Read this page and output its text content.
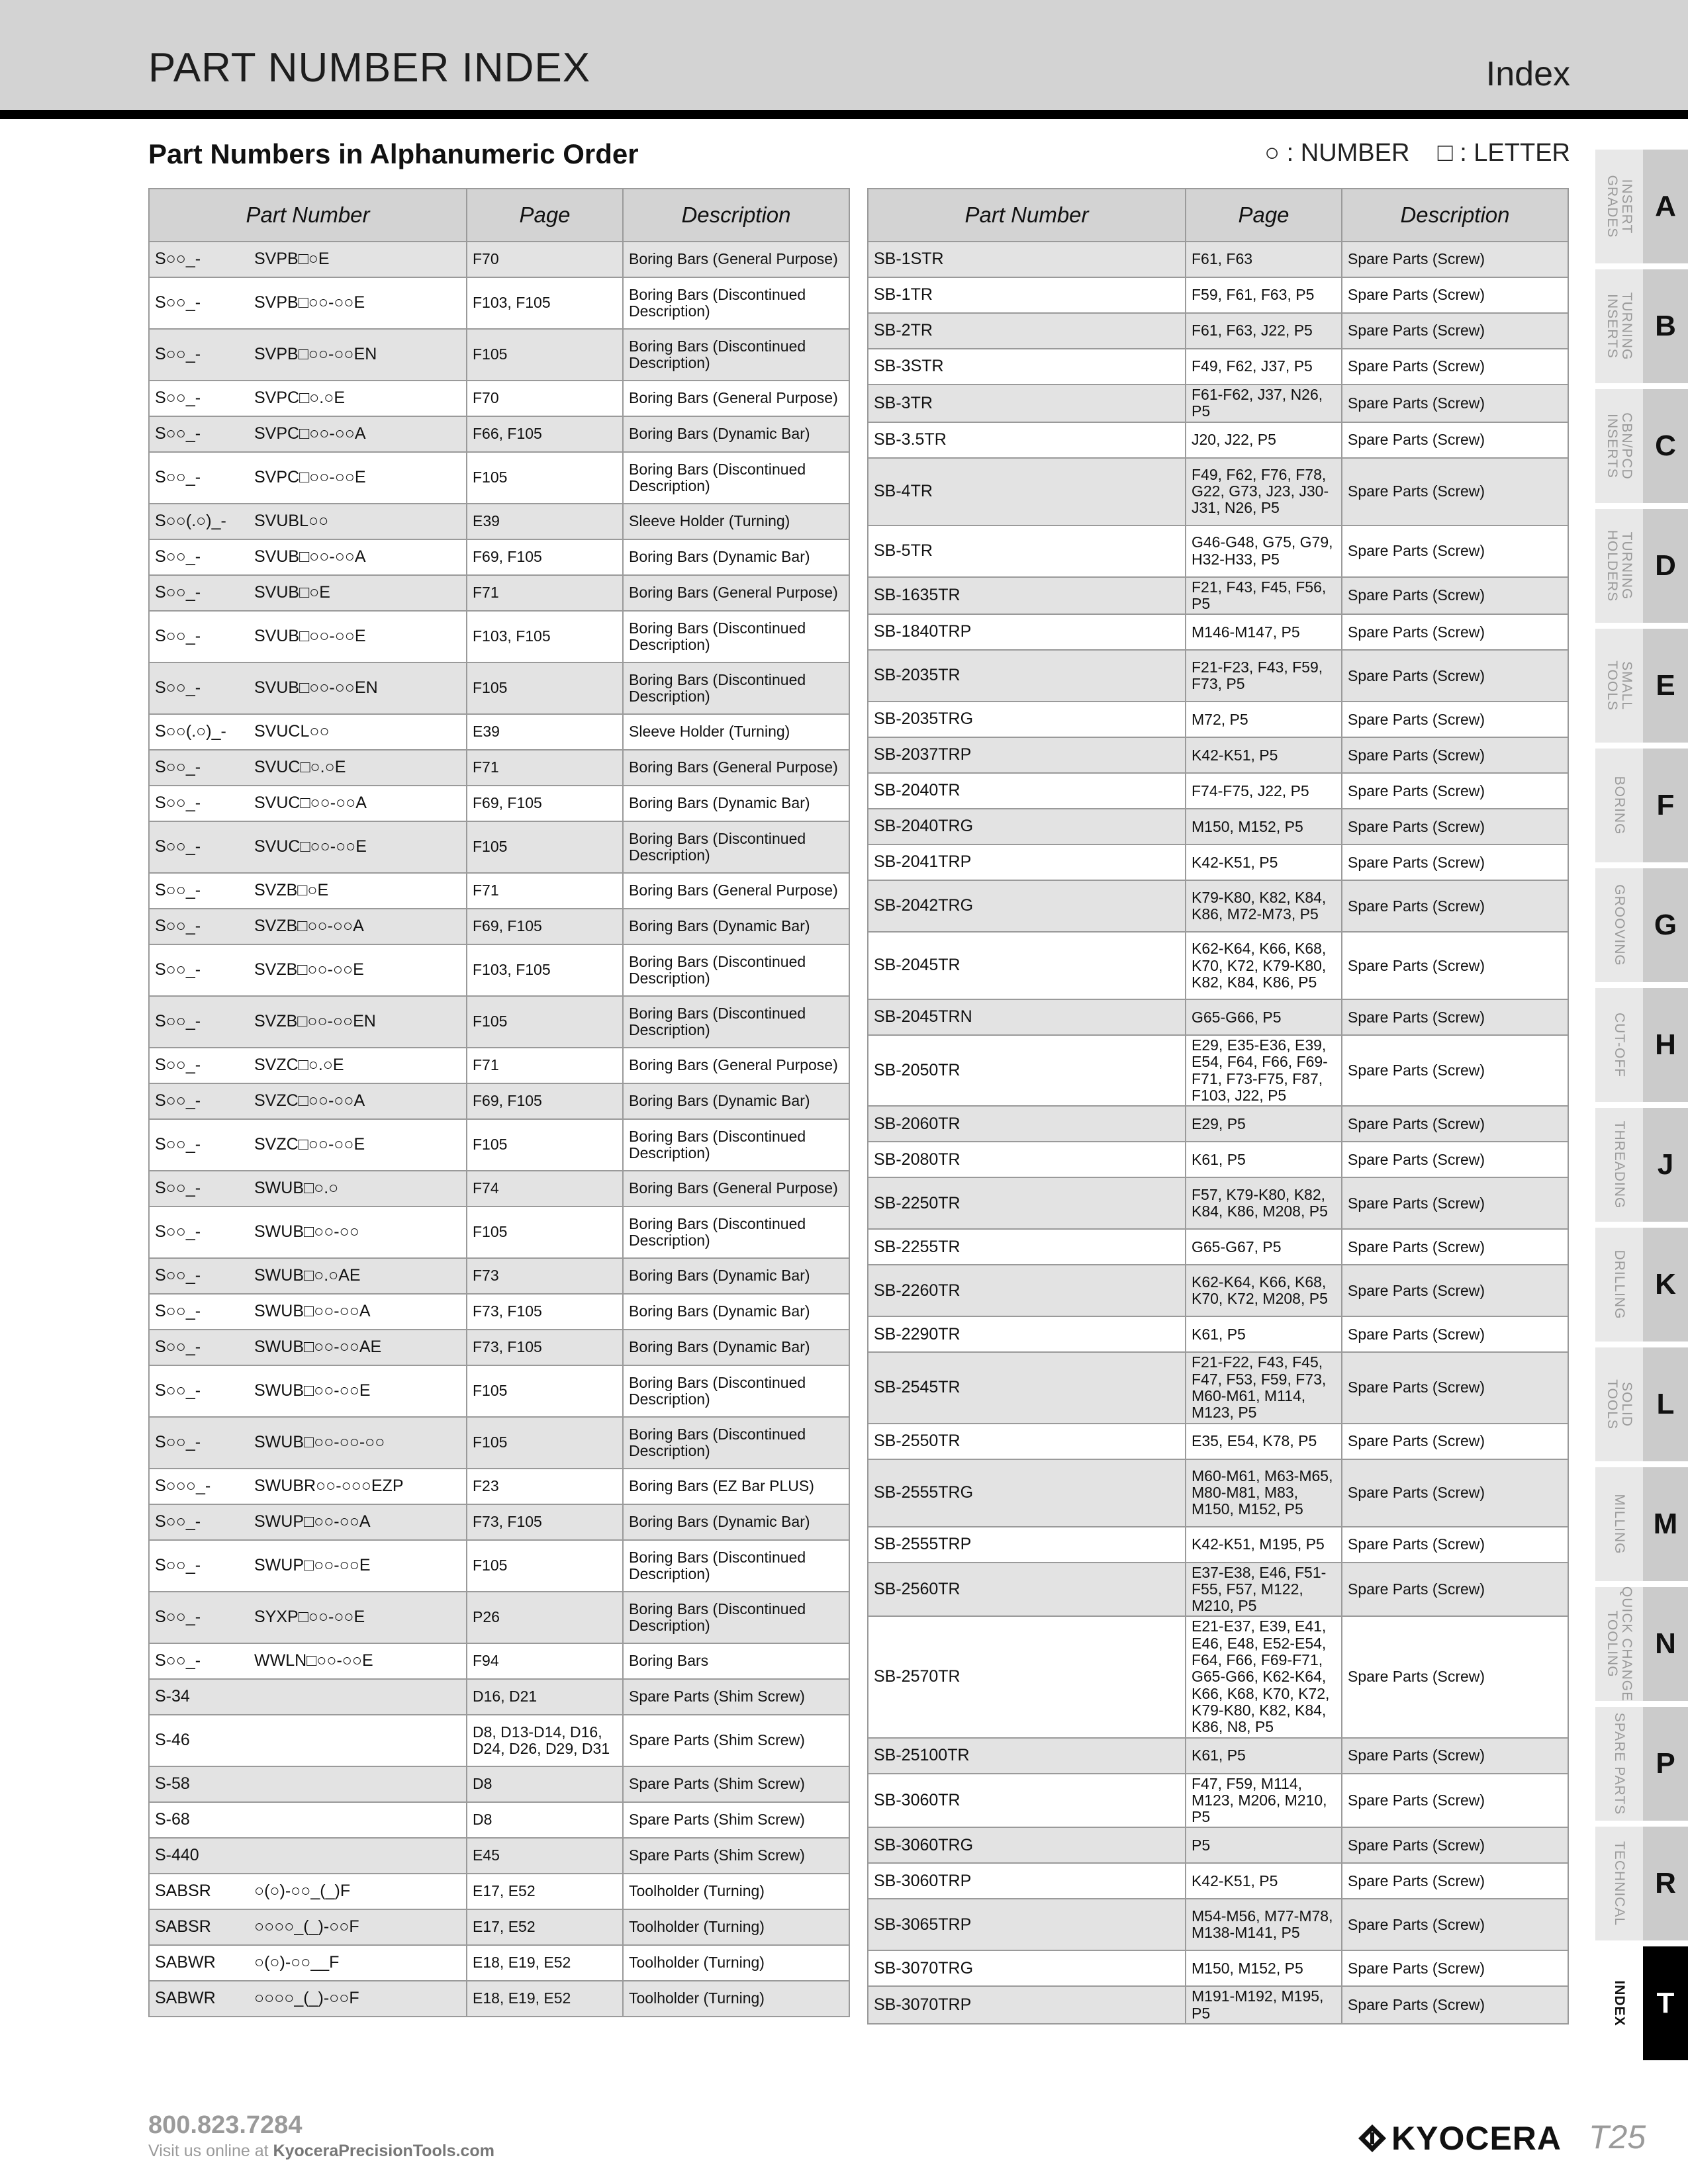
PART NUMBER INDEX	Index
Part Numbers in Alphanumeric Order	○ : NUMBER □ : LETTER
Part Number	Page	Description
S○○_- SVPB□○E	F70	Boring Bars (General Purpose)
S○○_- SVPB□○○-○○E	F103, F105	Boring Bars (Discontinued Description)
S○○_- SVPB□○○-○○EN	F105	Boring Bars (Discontinued Description)
S○○_- SVPC□○.○E	F70	Boring Bars (General Purpose)
S○○_- SVPC□○○-○○A	F66, F105	Boring Bars (Dynamic Bar)
S○○_- SVPC□○○-○○E	F105	Boring Bars (Discontinued Description)
S○○(.○)_- SVUBL○○	E39	Sleeve Holder (Turning)
S○○_- SVUB□○○-○○A	F69, F105	Boring Bars (Dynamic Bar)
S○○_- SVUB□○E	F71	Boring Bars (General Purpose)
S○○_- SVUB□○○-○○E	F103, F105	Boring Bars (Discontinued Description)
S○○_- SVUB□○○-○○EN	F105	Boring Bars (Discontinued Description)
S○○(.○)_- SVUCL○○	E39	Sleeve Holder (Turning)
S○○_- SVUC□○.○E	F71	Boring Bars (General Purpose)
S○○_- SVUC□○○-○○A	F69, F105	Boring Bars (Dynamic Bar)
S○○_- SVUC□○○-○○E	F105	Boring Bars (Discontinued Description)
S○○_- SVZB□○E	F71	Boring Bars (General Purpose)
S○○_- SVZB□○○-○○A	F69, F105	Boring Bars (Dynamic Bar)
S○○_- SVZB□○○-○○E	F103, F105	Boring Bars (Discontinued Description)
S○○_- SVZB□○○-○○EN	F105	Boring Bars (Discontinued Description)
S○○_- SVZC□○.○E	F71	Boring Bars (General Purpose)
S○○_- SVZC□○○-○○A	F69, F105	Boring Bars (Dynamic Bar)
S○○_- SVZC□○○-○○E	F105	Boring Bars (Discontinued Description)
S○○_- SWUB□○.○	F74	Boring Bars (General Purpose)
S○○_- SWUB□○○-○○	F105	Boring Bars (Discontinued Description)
S○○_- SWUB□○.○AE	F73	Boring Bars (Dynamic Bar)
S○○_- SWUB□○○-○○A	F73, F105	Boring Bars (Dynamic Bar)
S○○_- SWUB□○○-○○AE	F73, F105	Boring Bars (Dynamic Bar)
S○○_- SWUB□○○-○○E	F105	Boring Bars (Discontinued Description)
S○○_- SWUB□○○-○○-○○	F105	Boring Bars (Discontinued Description)
S○○○_- SWUBR○○-○○○EZP	F23	Boring Bars (EZ Bar PLUS)
S○○_- SWUP□○○-○○A	F73, F105	Boring Bars (Dynamic Bar)
S○○_- SWUP□○○-○○E	F105	Boring Bars (Discontinued Description)
S○○_- SYXP□○○-○○E	P26	Boring Bars (Discontinued Description)
S○○_- WWLN□○○-○○E	F94	Boring Bars
S-34	D16, D21	Spare Parts (Shim Screw)
S-46	D8, D13-D14, D16, D24, D26, D29, D31	Spare Parts (Shim Screw)
S-58	D8	Spare Parts (Shim Screw)
S-68	D8	Spare Parts (Shim Screw)
S-440	E45	Spare Parts (Shim Screw)
SABSR ○(○)-○○_(_)F	E17, E52	Toolholder (Turning)
SABSR ○○○○_(_)-○○F	E17, E52	Toolholder (Turning)
SABWR ○(○)-○○__F	E18, E19, E52	Toolholder (Turning)
SABWR ○○○○_(_)-○○F	E18, E19, E52	Toolholder (Turning)
Part Number	Page	Description
SB-1STR	F61, F63	Spare Parts (Screw)
SB-1TR	F59, F61, F63, P5	Spare Parts (Screw)
SB-2TR	F61, F63, J22, P5	Spare Parts (Screw)
SB-3STR	F49, F62, J37, P5	Spare Parts (Screw)
SB-3TR	F61-F62, J37, N26, P5	Spare Parts (Screw)
SB-3.5TR	J20, J22, P5	Spare Parts (Screw)
SB-4TR	F49, F62, F76, F78, G22, G73, J23, J30-J31, N26, P5	Spare Parts (Screw)
SB-5TR	G46-G48, G75, G79, H32-H33, P5	Spare Parts (Screw)
SB-1635TR	F21, F43, F45, F56, P5	Spare Parts (Screw)
SB-1840TRP	M146-M147, P5	Spare Parts (Screw)
SB-2035TR	F21-F23, F43, F59, F73, P5	Spare Parts (Screw)
SB-2035TRG	M72, P5	Spare Parts (Screw)
SB-2037TRP	K42-K51, P5	Spare Parts (Screw)
SB-2040TR	F74-F75, J22, P5	Spare Parts (Screw)
SB-2040TRG	M150, M152, P5	Spare Parts (Screw)
SB-2041TRP	K42-K51, P5	Spare Parts (Screw)
SB-2042TRG	K79-K80, K82, K84, K86, M72-M73, P5	Spare Parts (Screw)
SB-2045TR	K62-K64, K66, K68, K70, K72, K79-K80, K82, K84, K86, P5	Spare Parts (Screw)
SB-2045TRN	G65-G66, P5	Spare Parts (Screw)
SB-2050TR	E29, E35-E36, E39, E54, F64, F66, F69-F71, F73-F75, F87, F103, J22, P5	Spare Parts (Screw)
SB-2060TR	E29, P5	Spare Parts (Screw)
SB-2080TR	K61, P5	Spare Parts (Screw)
SB-2250TR	F57, K79-K80, K82, K84, K86, M208, P5	Spare Parts (Screw)
SB-2255TR	G65-G67, P5	Spare Parts (Screw)
SB-2260TR	K62-K64, K66, K68, K70, K72, M208, P5	Spare Parts (Screw)
SB-2290TR	K61, P5	Spare Parts (Screw)
SB-2545TR	F21-F22, F43, F45, F47, F53, F59, F73, M60-M61, M114, M123, P5	Spare Parts (Screw)
SB-2550TR	E35, E54, K78, P5	Spare Parts (Screw)
SB-2555TRG	M60-M61, M63-M65, M80-M81, M83, M150, M152, P5	Spare Parts (Screw)
SB-2555TRP	K42-K51, M195, P5	Spare Parts (Screw)
SB-2560TR	E37-E38, E46, F51-F55, F57, M122, M210, P5	Spare Parts (Screw)
SB-2570TR	E21-E37, E39, E41, E46, E48, E52-E54, F64, F66, F69-F71, G65-G66, K62-K64, K66, K68, K70, K72, K79-K80, K82, K84, K86, N8, P5	Spare Parts (Screw)
SB-25100TR	K61, P5	Spare Parts (Screw)
SB-3060TR	F47, F59, M114, M123, M206, M210, P5	Spare Parts (Screw)
SB-3060TRG	P5	Spare Parts (Screw)
SB-3060TRP	K42-K51, P5	Spare Parts (Screw)
SB-3065TRP	M54-M56, M77-M78, M138-M141, P5	Spare Parts (Screw)
SB-3070TRG	M150, M152, P5	Spare Parts (Screw)
SB-3070TRP	M191-M192, M195, P5	Spare Parts (Screw)
INSERT
GRADES	A
TURNING
INSERTS	B
CBN/PCD
INSERTS	C
TURNING
HOLDERS	D
SMALL
TOOLS	E
BORING	F
GROOVING G
CUT-OFF H
THREADING	J
DRILLING K
SOLID
TOOLS	L
MILLING M
QUICK CHANGE
TOOLING	N
SPARE PARTS P
TECHNICAL R
INDEX	T
800.823.7284
Visit us online at KyoceraPrecisionTools.com	KYOCERA T25
